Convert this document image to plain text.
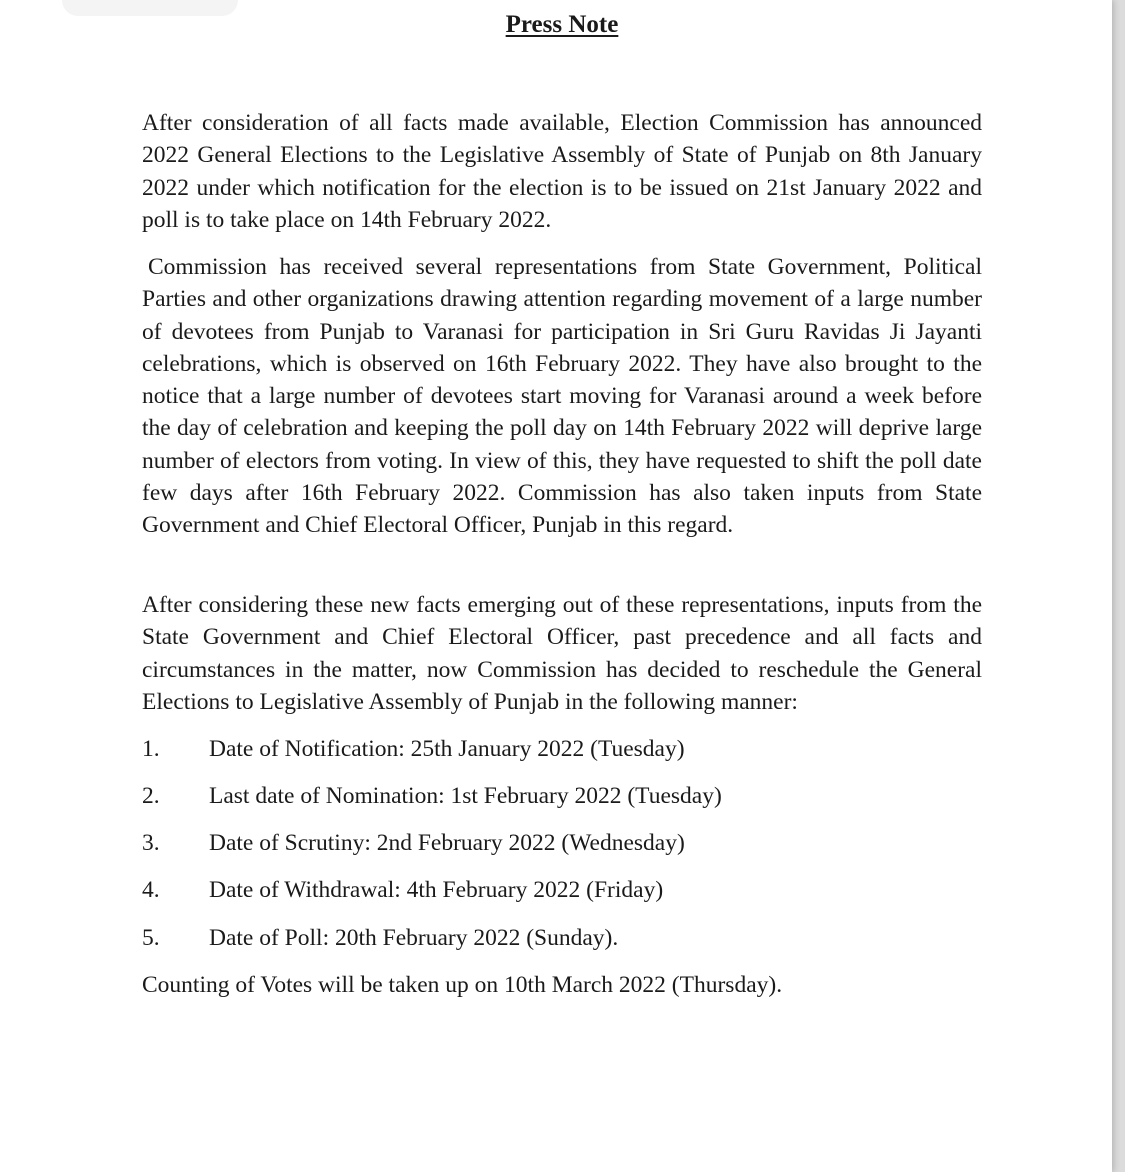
Press Note

After consideration of all facts made available, Election Commission has announced 2022 General Elections to the Legislative Assembly of State of Punjab on 8th January 2022 under which notification for the election is to be issued on 21st January 2022 and poll is to take place on 14th February 2022.

Commission has received several representations from State Government, Political Parties and other organizations drawing attention regarding movement of a large number of devotees from Punjab to Varanasi for participation in Sri Guru Ravidas Ji Jayanti celebrations, which is observed on 16th February 2022. They have also brought to the notice that a large number of devotees start moving for Varanasi around a week before the day of celebration and keeping the poll day on 14th February 2022 will deprive large number of electors from voting. In view of this, they have requested to shift the poll date few days after 16th February 2022. Commission has also taken inputs from State Government and Chief Electoral Officer, Punjab in this regard.

After considering these new facts emerging out of these representations, inputs from the State Government and Chief Electoral Officer, past precedence and all facts and circumstances in the matter, now Commission has decided to reschedule the General Elections to Legislative Assembly of Punjab in the following manner:

1. Date of Notification: 25th January 2022 (Tuesday)
2. Last date of Nomination: 1st February 2022 (Tuesday)
3. Date of Scrutiny: 2nd February 2022 (Wednesday)
4. Date of Withdrawal: 4th February 2022 (Friday)
5. Date of Poll: 20th February 2022 (Sunday).
Counting of Votes will be taken up on 10th March 2022 (Thursday).
